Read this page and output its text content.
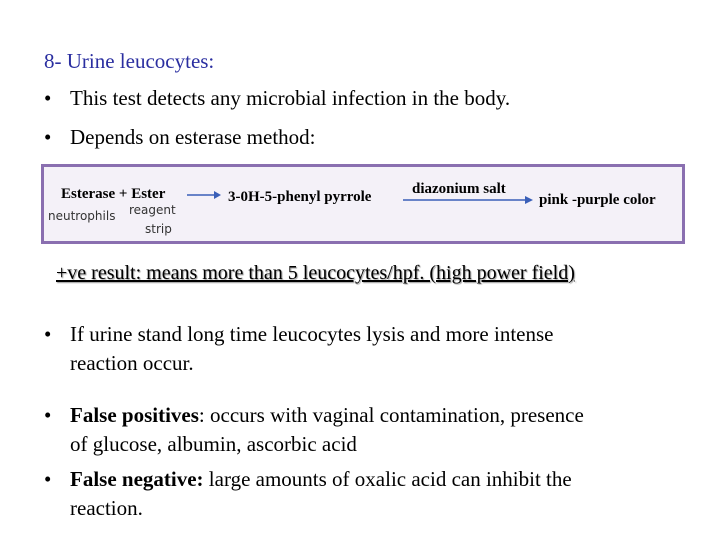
8- Urine leucocytes:
• This test detects any microbial infection in the body.
• Depends on esterase method:
Esterase + Ester
neutrophils reagent
strip
→ 3-0H-5-phenyl pyrrole	diazonium salt
pink -purple color
+ve result: means more than 5 leucocytes/hpf. (high power field)
• If urine stand long time leucocytes lysis and more intense
reaction occur.
• False positives: occurs with vaginal contamination, presence
of glucose, albumin, ascorbic acid
• False negative: large amounts of oxalic acid can inhibit the
reaction.
